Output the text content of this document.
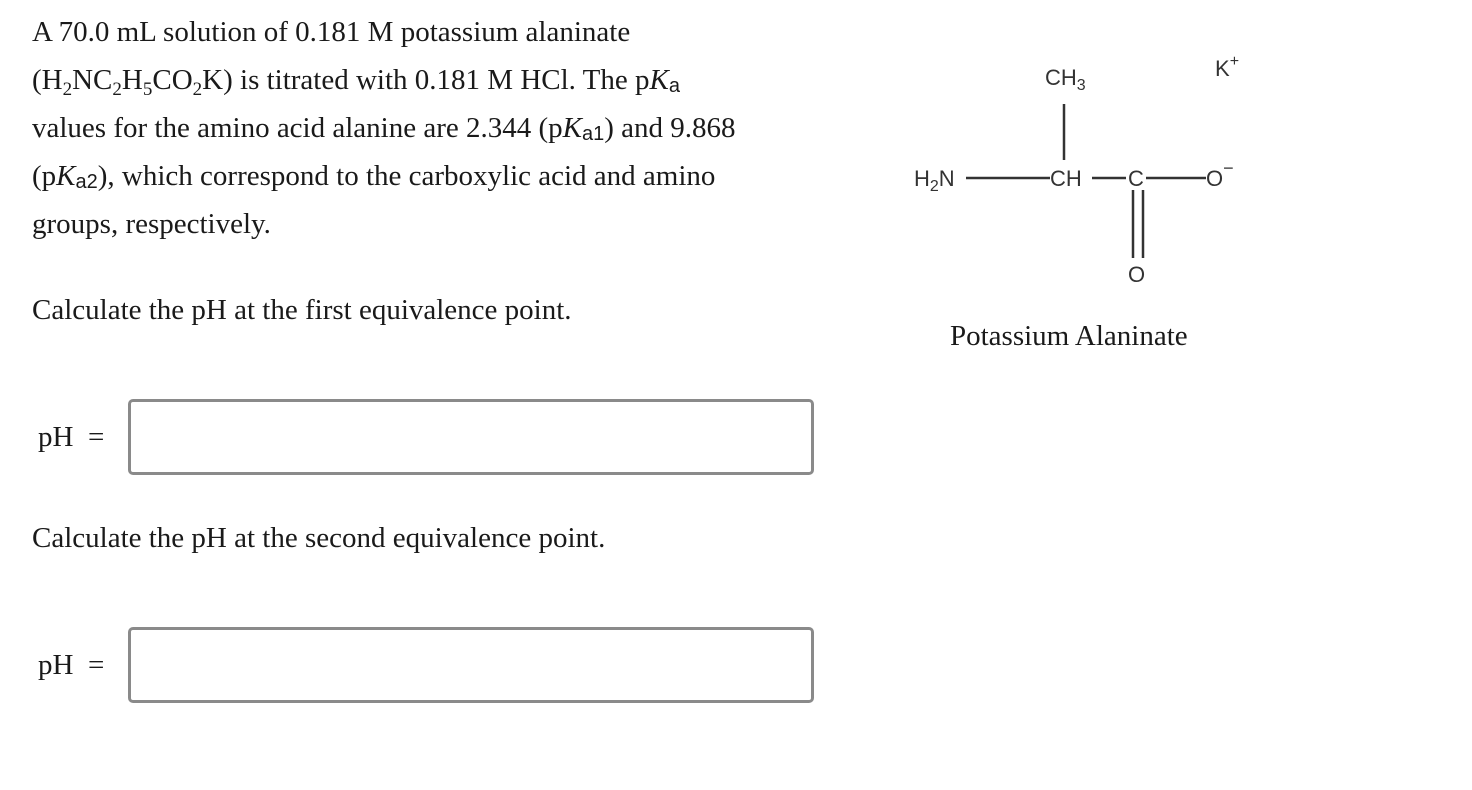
A 70.0 mL solution of 0.181 M potassium alaninate

$(H_2NC_2H_5CO_2K)$ is titrated with 0.181 M HCl. The $pK_a$

values for the amino acid alanine are 2.344 $(pK_{a1})$ and 9.868

$(pK_{a2})$, which correspond to the carboxylic acid and amino

groups, respectively.

Calculate the pH at the first equivalence point.
pH  =
Calculate the pH at the second equivalence point.
pH  =
$CH_3$
K+
$H_2N$	CH C	O−
O
Potassium Alaninate
